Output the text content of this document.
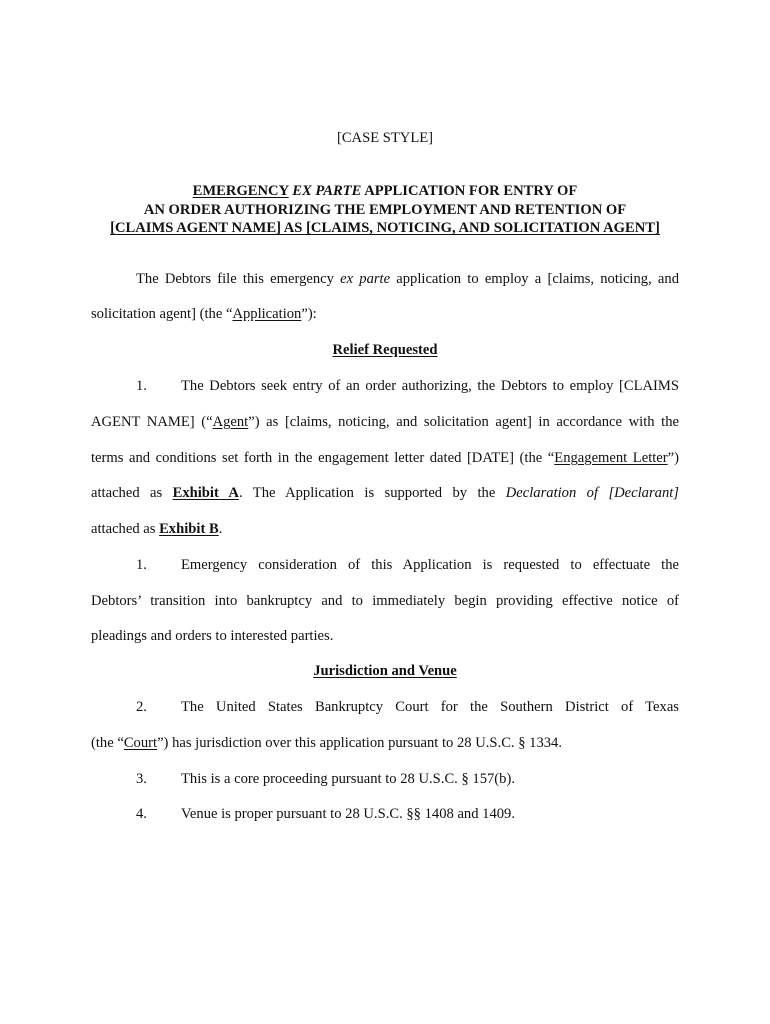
[CASE STYLE]
EMERGENCY EX PARTE APPLICATION FOR ENTRY OF
AN ORDER AUTHORIZING THE EMPLOYMENT AND RETENTION OF
[CLAIMS AGENT NAME] AS [CLAIMS, NOTICING, AND SOLICITATION AGENT]
The Debtors file this emergency ex parte application to employ a [claims, noticing, and
solicitation agent] (the “Application”):
Relief Requested
1. The Debtors seek entry of an order authorizing, the Debtors to employ [CLAIMS
AGENT NAME] (“Agent”) as [claims, noticing, and solicitation agent] in accordance with the
terms and conditions set forth in the engagement letter dated [DATE] (the “Engagement Letter”)
attached as Exhibit A. The Application is supported by the Declaration of [Declarant]
attached as Exhibit B.
1. Emergency consideration of this Application is requested to effectuate the
Debtors’ transition into bankruptcy and to immediately begin providing effective notice of
pleadings and orders to interested parties.
Jurisdiction and Venue
2. The United States Bankruptcy Court for the Southern District of Texas
(the “Court”) has jurisdiction over this application pursuant to 28 U.S.C. § 1334.
3. This is a core proceeding pursuant to 28 U.S.C. § 157(b).
4. Venue is proper pursuant to 28 U.S.C. §§ 1408 and 1409.
